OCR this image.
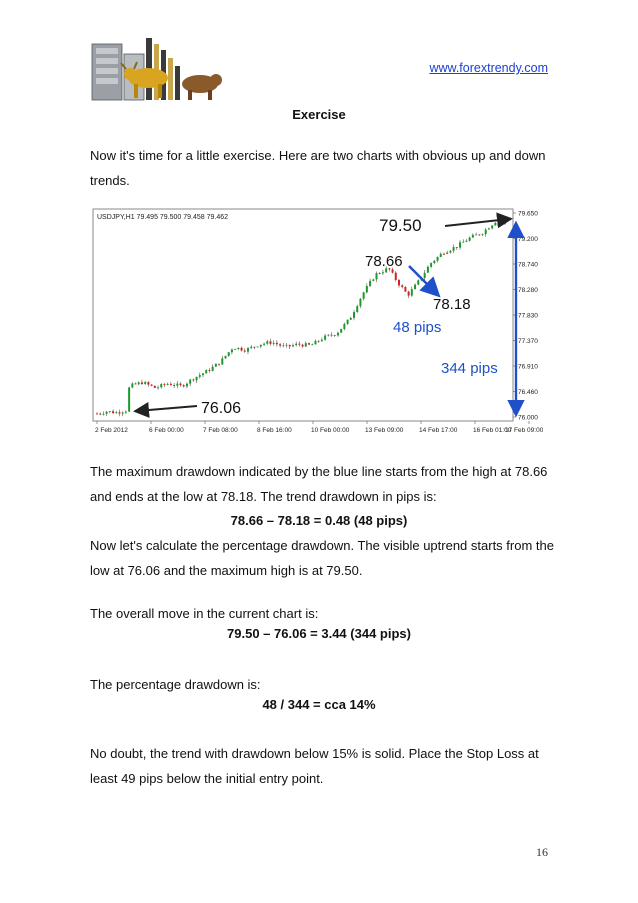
www.forextrendy.com
Exercise
Now it's time for a little exercise. Here are two charts with obvious up and down trends.
USDJPY,H1 79.495 79.500 79.458 79.462	79.650
79.200
78.740
78.280
77.830
77.370
76.910
76.460
76.000
2 Feb 2012	6 Feb 00:00	7 Feb 08:00	8 Feb 16:00	10 Feb 00:00 13 Feb 09:00 14 Feb 17:00 16 Feb 01:00
17 Feb 09:00
79.50
78.66
78.18
48 pips
344 pips
76.06
The maximum drawdown indicated by the blue line starts from the high at 78.66 and ends at the low at 78.18. The trend drawdown in pips is:
78.66 – 78.18 = 0.48 (48 pips)
Now let's calculate the percentage drawdown. The visible uptrend starts from the low at 76.06 and the maximum high is at 79.50.
The overall move in the current chart is:
79.50 – 76.06 = 3.44 (344 pips)
The percentage drawdown is:
48 / 344 = cca 14%
No doubt, the trend with drawdown below 15% is solid. Place the Stop Loss at least 49 pips below the initial entry point.
16
